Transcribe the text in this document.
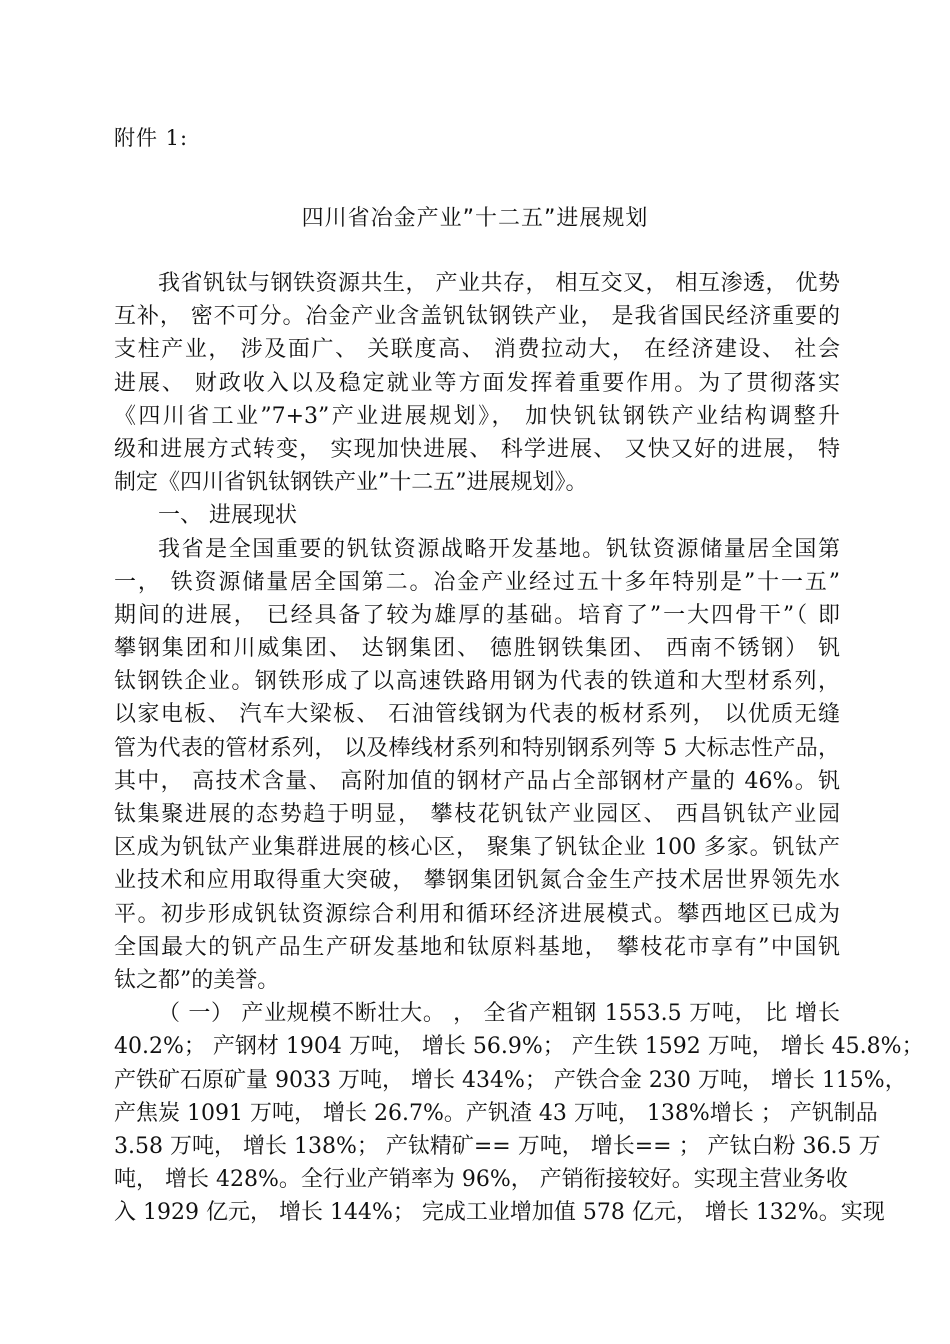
附件 1:
四川省冶金产业”十二五”进展规划
我省钒钛与钢铁资源共生， 产业共存， 相互交叉， 相互渗透， 优势
互补， 密不可分。冶金产业含盖钒钛钢铁产业， 是我省国民经济重要的
支柱产业， 涉及面广、 关联度高、 消费拉动大， 在经济建设、 社会
进展、 财政收入以及稳定就业等方面发挥着重要作用。为了贯彻落实
《四川省工业”7+3”产业进展规划》， 加快钒钛钢铁产业结构调整升
级和进展方式转变， 实现加快进展、 科学进展、 又快又好的进展， 特
制定《四川省钒钛钢铁产业”十二五”进展规划》。
一、 进展现状
我省是全国重要的钒钛资源战略开发基地。钒钛资源储量居全国第
一， 铁资源储量居全国第二。冶金产业经过五十多年特别是”十一五”
期间的进展， 已经具备了较为雄厚的基础。培育了”一大四骨干”（ 即
攀钢集团和川威集团、 达钢集团、 德胜钢铁集团、 西南不锈钢） 钒
钛钢铁企业。钢铁形成了以高速铁路用钢为代表的铁道和大型材系列，
以家电板、 汽车大梁板、 石油管线钢为代表的板材系列， 以优质无缝
管为代表的管材系列， 以及棒线材系列和特别钢系列等 5 大标志性产品，
其中， 高技术含量、 高附加值的钢材产品占全部钢材产量的 46%。钒
钛集聚进展的态势趋于明显， 攀枝花钒钛产业园区、 西昌钒钛产业园
区成为钒钛产业集群进展的核心区， 聚集了钒钛企业 100 多家。钒钛产
业技术和应用取得重大突破， 攀钢集团钒氮合金生产技术居世界领先水
平。初步形成钒钛资源综合利用和循环经济进展模式。攀西地区已成为
全国最大的钒产品生产研发基地和钛原料基地， 攀枝花市享有”中国钒
钛之都”的美誉。
（ 一） 产业规模不断壮大。 ， 全省产粗钢 1553.5 万吨， 比 增长
40.2%； 产钢材 1904 万吨， 增长 56.9%； 产生铁 1592 万吨， 增长 45.8%；
产铁矿石原矿量 9033 万吨， 增长 434%； 产铁合金 230 万吨， 增长 115%，
产焦炭 1091 万吨， 增长 26.7%。产钒渣 43 万吨， 138%增长 ； 产钒制品
3.58 万吨， 增长 138%； 产钛精矿== 万吨， 增长== ； 产钛白粉 36.5 万
吨， 增长 428%。全行业产销率为 96%， 产销衔接较好。实现主营业务收
入 1929 亿元， 增长 144%； 完成工业增加值 578 亿元， 增长 132%。实现
